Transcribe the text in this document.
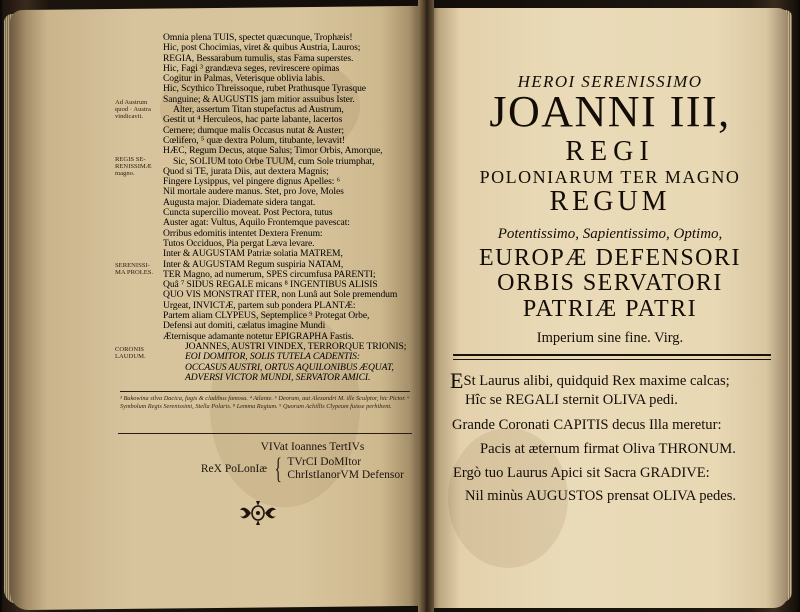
Omnia plena TUIS, spectet quæcunque, Trophæis!
Hic, post Chocimias, viret & quibus Austria, Lauros;
REGIA, Bessarabum tumulis, stas Fama superstes.
Hic, Fagi ³ grandæva seges, revirescere opimas
Cogitur in Palmas, Veterisque oblivia labis.
Hic, Scythico Threïssoque, rubet Prathusque Tyrasque
Sanguine; & AUGUSTIS jam mitior assuibus Ister.
Alter, assertum Titan stupefactus ad Austrum,
Gestit ut ⁴ Herculeos, hac parte labante, lacertos
Cernere; dumque malis Occasus nutat & Auster;
Cœlifero, ⁵ quæ dextra Polum, titubante, levavit!
HÆC, Regum Decus, atque Salus; Timor Orbis, Amorque,
Sic, SOLIUM toto Orbe TUUM, cum Sole triumphat,
Quod si TE, jurata Diis, aut dextera Magnis;
Fingere Lysippus, vel pingere dignus Apelles: ⁶
Nil mortale audere manus. Stet, pro Jove, Moles
Augusta major. Diademate sidera tangat.
Cuncta supercilio moveat. Post Pectora, tutus
Auster agat: Vultus, Aquilo Frontemque pavescat:
Orribus edomitis intentet Dextera Frenum:
Tutos Occiduos, Pia pergat Læva levare.
Inter & AUGUSTAM Patriæ solatia MATREM,
Inter & AUGUSTAM Regum suspiria NATAM,
TER Magno, ad numerum, SPES circumfusa PARENTI;
Quâ ⁷ SIDUS REGALE micans ⁸ INGENTIBUS ALISIS
QUO VIS MONSTRAT ITER, non Lunâ aut Sole premendum
Urgeat, INVICTÆ, partem sub pondera PLANTÆ:
Partem aliam CLYPEUS, Septemplice ⁹ Protegat Orbe,
Defensi aut domiti, cælatus imagine Mundi
Æternisque adamante notetur EPIGRAPHA Fastis.
JOANNES, AUSTRI VINDEX, TERRORQUE TRIONIS;
EOI DOMITOR, SOLIS TUTELA CADENTIS:
OCCASUS AUSTRI, ORTUS AQUILONIBUS ÆQUAT,
ADVERSI VICTOR MUNDI, SERVATOR AMICI.
Ad Austrum
quod · Austra
vindicavit.
REGIS SE-
RENISSIMÆ
magno.
SERENISSI-
MA PROLES.
CORONIS
LAUDUM.
³ Bukowina silva Dacica, fagis & cladibus famosa. ⁴ Atlante. ⁵ Deorum, aut Alexandri M. ille Sculptor, hic Pictor. ⁶ Symbolum Regis Serenissimi, Stella Polaris. ⁸ Lemma Regium. ⁹ Quorum Achillis Clypeum fuisse perhibent.
VIVat Ioannes TertIVs
ReX PoLonIæ { TVrCI DoMItor
ChrIstIanorVM Defensor
HEROI SERENISSIMO
JOANNI III,
REGI
POLONIARUM TER MAGNO
REGUM
Potentissimo, Sapientissimo, Optimo,
EUROPÆ DEFENSORI
ORBIS SERVATORI
PATRIÆ PATRI
Imperium sine fine. Virg.
ESt Laurus alibi, quidquid Rex maxime calcas;
Hîc se REGALI sternit OLIVA pedi.
Grande Coronati CAPITIS decus Illa meretur:
Pacis at æternum firmat Oliva THRONUM.
Ergò tuo Laurus Apici sit Sacra GRADIVE:
Nil minùs AUGUSTOS prensat OLIVA pedes.
